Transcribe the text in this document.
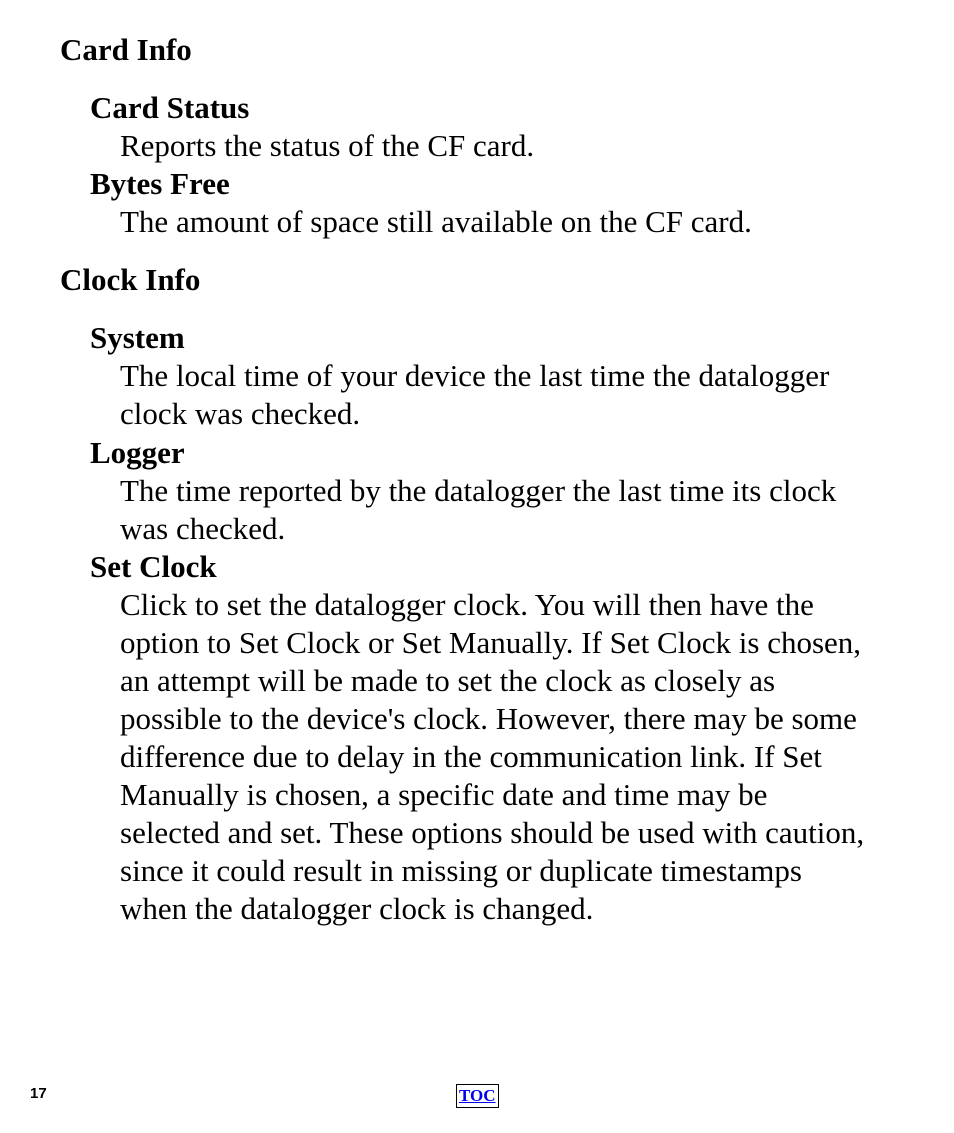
Card Info
Card Status
Reports the status of the CF card.
Bytes Free
The amount of space still available on the CF card.
Clock Info
System
The local time of your device the last time the datalogger
clock was checked.
Logger
The time reported by the datalogger the last time its clock
was checked.
Set Clock
Click to set the datalogger clock. You will then have the
option to Set Clock or Set Manually. If Set Clock is chosen,
an attempt will be made to set the clock as closely as
possible to the device's clock. However, there may be some
difference due to delay in the communication link. If Set
Manually is chosen, a specific date and time may be
selected and set. These options should be used with caution,
since it could result in missing or duplicate timestamps
when the datalogger clock is changed.
17	TOC
